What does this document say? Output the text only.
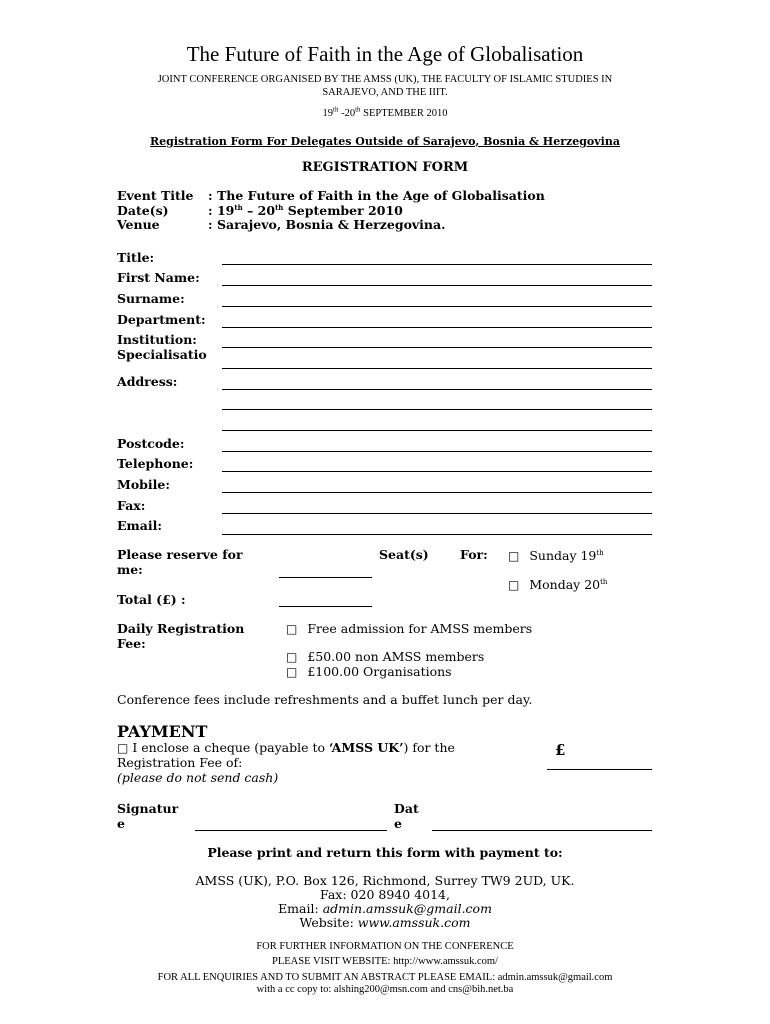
The Future of Faith in the Age of Globalisation
JOINT CONFERENCE ORGANISED BY THE AMSS (UK), THE FACULTY OF ISLAMIC STUDIES IN
SARAJEVO, AND THE IIIT.
19th -20th SEPTEMBER 2010
Registration Form For Delegates Outside of Sarajevo, Bosnia & Herzegovina
REGISTRATION FORM
Event Title : The Future of Faith in the Age of Globalisation
Date(s)	: 19th – 20th September 2010
Venue	: Sarajevo, Bosnia & Herzegovina.
Title:
First Name:
Surname:
Department:
Institution:
Specialisatio
Address:
Postcode:
Telephone:
Mobile:
Fax:
Email:
Please reserve for
me:
Seat(s)	For: □ Sunday 19th
□ Monday 20th
Total (£) :
Daily Registration
Fee:
□ Free admission for AMSS members
□ £50.00 non AMSS members
□ £100.00 Organisations
Conference fees include refreshments and a buffet lunch per day.
PAYMENT
□ I enclose a cheque (payable to ‘AMSS UK’) for the
Registration Fee of:
(please do not send cash)
£
Signatur
e
Dat
e
Please print and return this form with payment to:
AMSS (UK), P.O. Box 126, Richmond, Surrey TW9 2UD, UK.
Fax: 020 8940 4014,
Email: admin.amssuk@gmail.com
Website: www.amssuk.com
FOR FURTHER INFORMATION ON THE CONFERENCE
PLEASE VISIT WEBSITE: http://www.amssuk.com/
FOR ALL ENQUIRIES AND TO SUBMIT AN ABSTRACT PLEASE EMAIL: admin.amssuk@gmail.com
with a cc copy to: alshing200@msn.com and cns@bih.net.ba
